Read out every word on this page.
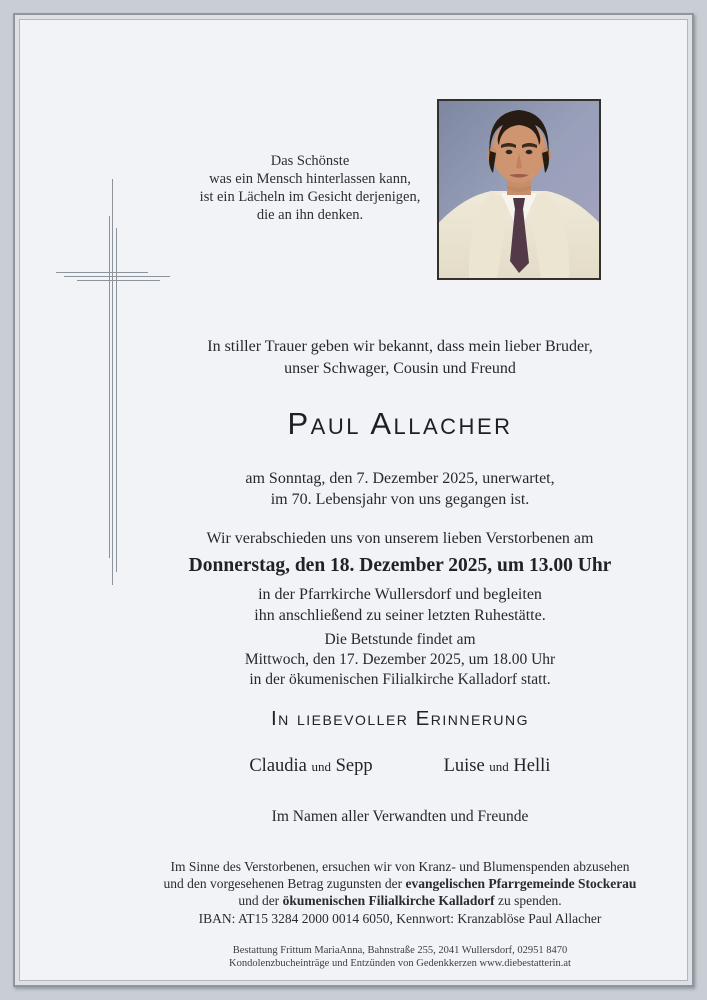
Das Schönste
was ein Mensch hinterlassen kann,
ist ein Lächeln im Gesicht derjenigen,
die an ihn denken.
In stiller Trauer geben wir bekannt, dass mein lieber Bruder,
unser Schwager, Cousin und Freund
Paul Allacher
am Sonntag, den 7. Dezember 2025, unerwartet,
im 70. Lebensjahr von uns gegangen ist.
Wir verabschieden uns von unserem lieben Verstorbenen am
Donnerstag, den 18. Dezember 2025, um 13.00 Uhr
in der Pfarrkirche Wullersdorf und begleiten
ihn anschließend zu seiner letzten Ruhestätte.
Die Betstunde findet am
Mittwoch, den 17. Dezember 2025, um 18.00 Uhr
in der ökumenischen Filialkirche Kalladorf statt.
In liebevoller Erinnerung
Claudia und Sepp	Luise und Helli
Im Namen aller Verwandten und Freunde
Im Sinne des Verstorbenen, ersuchen wir von Kranz- und Blumenspenden abzusehen
und den vorgesehenen Betrag zugunsten der evangelischen Pfarrgemeinde Stockerau
und der ökumenischen Filialkirche Kalladorf zu spenden.
IBAN: AT15 3284 2000 0014 6050, Kennwort: Kranzablöse Paul Allacher
Bestattung Frittum MariaAnna, Bahnstraße 255, 2041 Wullersdorf, 02951 8470
Kondolenzbucheinträge und Entzünden von Gedenkkerzen www.diebestatterin.at
